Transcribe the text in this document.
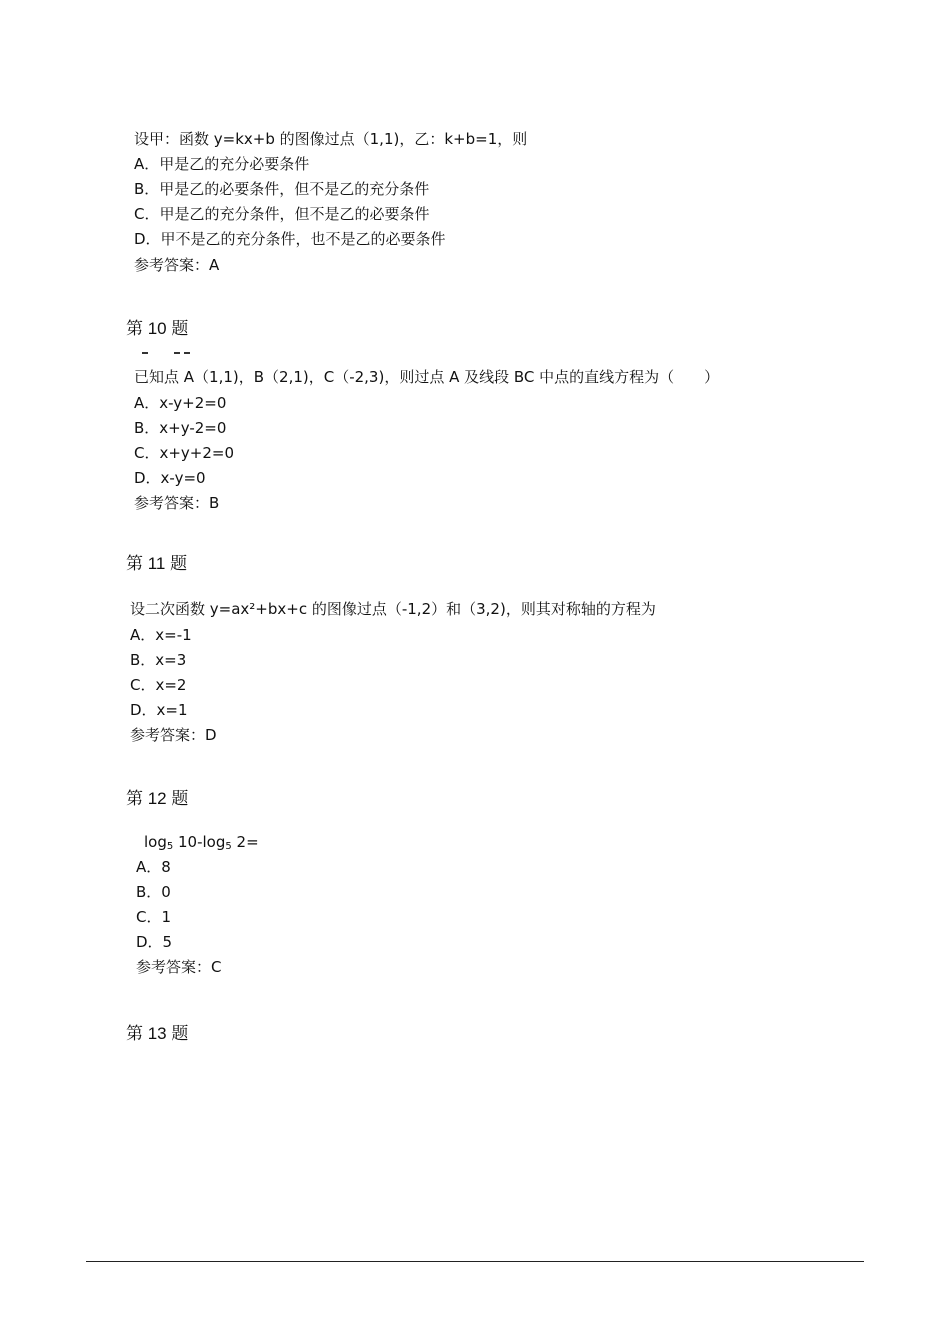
设甲：函数 y=kx+b 的图像过点（1,1)，乙：k+b=1，则
A．甲是乙的充分必要条件
B．甲是乙的必要条件，但不是乙的充分条件
C．甲是乙的充分条件，但不是乙的必要条件
D．甲不是乙的充分条件，也不是乙的必要条件
参考答案：A
第 10 题
已知点 A（1,1)，B（2,1)，C（-2,3)，则过点 A 及线段 BC 中点的直线方程为（　　）
A．x-y+2=0
B．x+y-2=0
C．x+y+2=0
D．x-y=0
参考答案：B
第 11 题
设二次函数 y=ax²+bx+c 的图像过点（-1,2）和（3,2)，则其对称轴的方程为
A．x=-1
B．x=3
C．x=2
D．x=1
参考答案：D
第 12 题
$\log_5 10-\log_5$ 2=
A．8
B．0
C．1
D．5
参考答案：C
第 13 题
